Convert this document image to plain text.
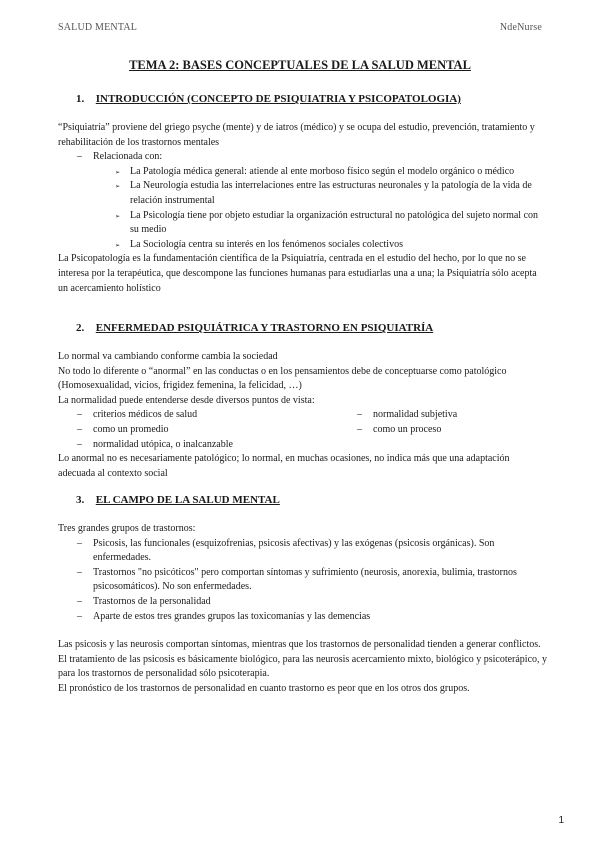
SALUD MENTAL	NdeNurse
TEMA 2: BASES CONCEPTUALES DE LA SALUD MENTAL
1. INTRODUCCIÓN (CONCEPTO DE PSIQUIATRIA Y PSICOPATOLOGIA)

“Psiquiatría” proviene del griego psyche (mente) y de iatros (médico) y se ocupa del estudio, prevención, tratamiento y rehabilitación de los trastornos mentales

– Relacionada con:
➢ La Patología médica general: atiende al ente morboso físico según el modelo orgánico o médico
➢ La Neurología estudia las interrelaciones entre las estructuras neuronales y la patología de la vida de relación instrumental
➢ La Psicología tiene por objeto estudiar la organización estructural no patológica del sujeto normal con su medio
➢ La Sociología centra su interés en los fenómenos sociales colectivos

La Psicopatología es la fundamentación científica de la Psiquiatría, centrada en el estudio del hecho, por lo que no se interesa por la terapéutica, que descompone las funciones humanas para estudiarlas una a una; la Psiquiatría sólo acepta un acercamiento holístico

2. ENFERMEDAD PSIQUIÁTRICA Y TRASTORNO EN PSIQUIATRÍA

Lo normal va cambiando conforme cambia la sociedad

No todo lo diferente o “anormal” en las conductas o en los pensamientos debe de conceptuarse como patológico (Homosexualidad, vicios, frigidez femenina, la felicidad, …)

La normalidad puede entenderse desde diversos puntos de vista:

– criterios médicos de salud	– normalidad subjetiva
– como un promedio	– como un proceso
– normalidad utópica, o inalcanzable

Lo anormal no es necesariamente patológico; lo normal, en muchas ocasiones, no indica más que una adaptación adecuada al contexto social

3. EL CAMPO DE LA SALUD MENTAL

Tres grandes grupos de trastornos:

– Psicosis, las funcionales (esquizofrenias, psicosis afectivas) y las exógenas (psicosis orgánicas). Son enfermedades.
– Trastornos "no psicóticos" pero comportan síntomas y sufrimiento (neurosis, anorexia, bulimia, trastornos psicosomáticos). No son enfermedades.
– Trastornos de la personalidad
– Aparte de estos tres grandes grupos las toxicomanías y las demencias

Las psicosis y las neurosis comportan síntomas, mientras que los trastornos de personalidad tienden a generar conflictos.

El tratamiento de las psicosis es básicamente biológico, para las neurosis acercamiento mixto, biológico y psicoterápico, y para los trastornos de personalidad sólo psicoterapia.

El pronóstico de los trastornos de personalidad en cuanto trastorno es peor que en los otros dos grupos.

1
